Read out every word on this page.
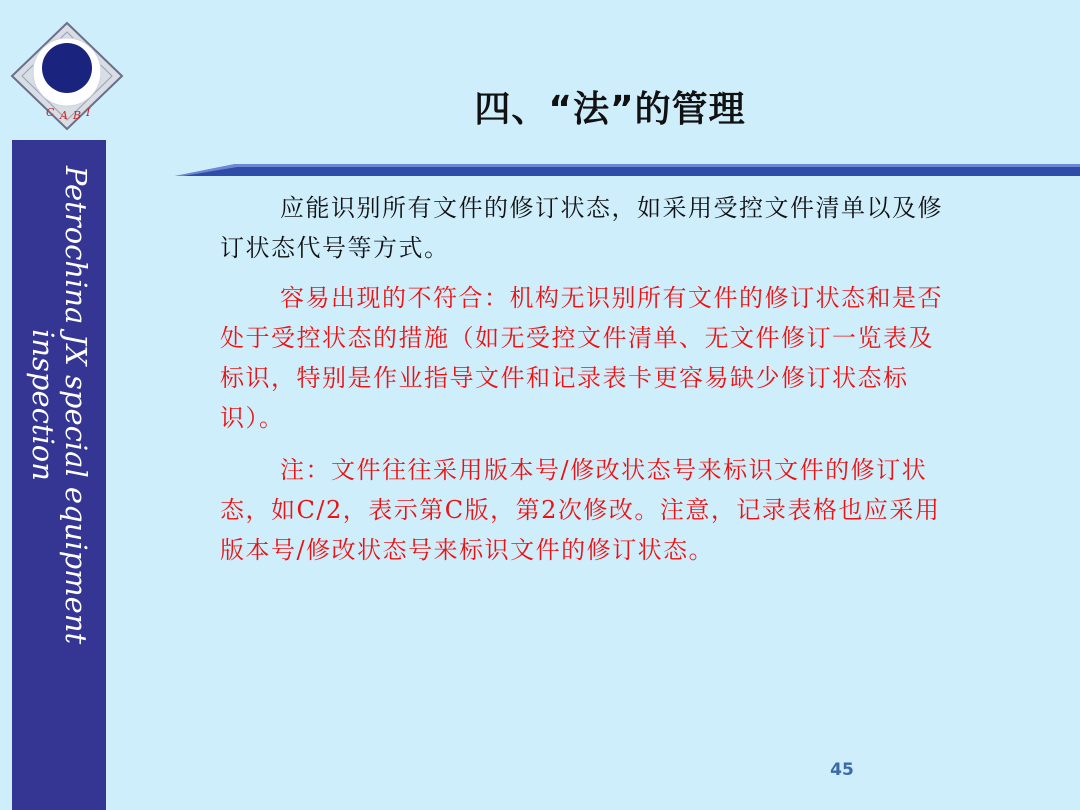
C A B I
Petrochina JX special equipment inspection
四、“法”的管理

应能识别所有文件的修订状态，如采用受控文件清单以及修订状态代号等方式。

容易出现的不符合：机构无识别所有文件的修订状态和是否处于受控状态的措施（如无受控文件清单、无文件修订一览表及标识，特别是作业指导文件和记录表卡更容易缺少修订状态标识）。

注：文件往往采用版本号/修改状态号来标识文件的修订状态，如C/2，表示第C版，第2次修改。注意，记录表格也应采用版本号/修改状态号来标识文件的修订状态。

45
